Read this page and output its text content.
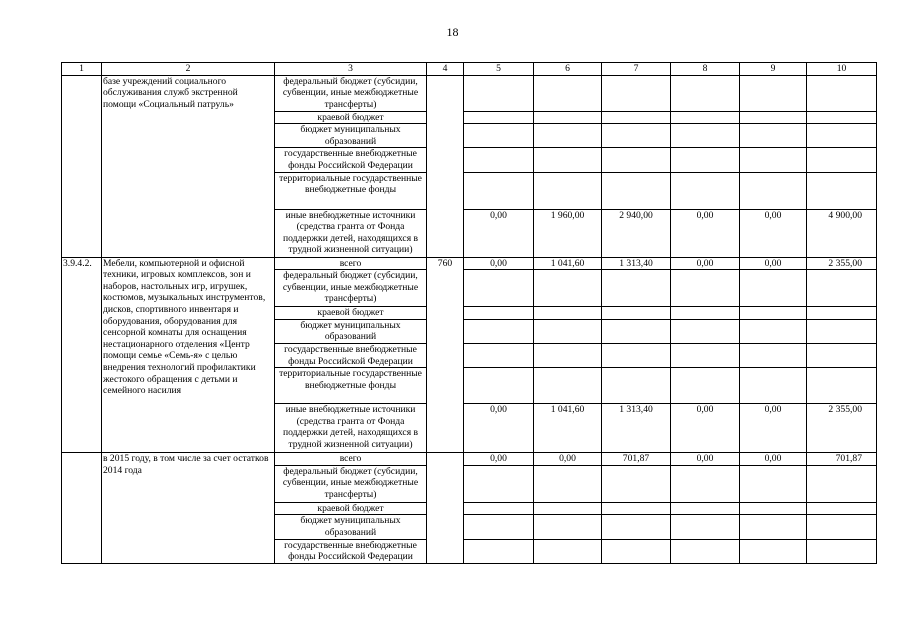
18
1	2	3	4	5	6	7	8	9	10
	базе учреждений социального обслуживания служб экстренной помощи «Социальный патруль»	федеральный бюджет (субсидии, субвенции, иные межбюджетные трансферты)							
		краевой бюджет							
		бюджет муниципальных образований							
		государственные внебюджетные фонды Российской Федерации							
		территориальные государственные внебюджетные фонды							
		иные внебюджетные источники (средства гранта от Фонда поддержки детей, находящихся в трудной жизненной ситуации)		0,00	1 960,00	2 940,00	0,00	0,00	4 900,00
3.9.4.2.	Мебели, компьютерной и офисной техники, игровых комплексов, зон и наборов, настольных игр, игрушек, костюмов, музыкальных инструментов, дисков, спортивного инвентаря и оборудования, оборудования для сенсорной комнаты для оснащения нестационарного отделения «Центр помощи семье «Семь-я» с целью внедрения технологий профилактики жестокого обращения с детьми и семейного насилия	всего	760	0,00	1 041,60	1 313,40	0,00	0,00	2 355,00
		федеральный бюджет (субсидии, субвенции, иные межбюджетные трансферты)							
		краевой бюджет							
		бюджет муниципальных образований							
		государственные внебюджетные фонды Российской Федерации							
		территориальные государственные внебюджетные фонды							
		иные внебюджетные источники (средства гранта от Фонда поддержки детей, находящихся в трудной жизненной ситуации)		0,00	1 041,60	1 313,40	0,00	0,00	2 355,00
	в 2015 году, в том числе за счет остатков 2014 года	всего		0,00	0,00	701,87	0,00	0,00	701,87
		федеральный бюджет (субсидии, субвенции, иные межбюджетные трансферты)							
		краевой бюджет							
		бюджет муниципальных образований							
		государственные внебюджетные фонды Российской Федерации							
